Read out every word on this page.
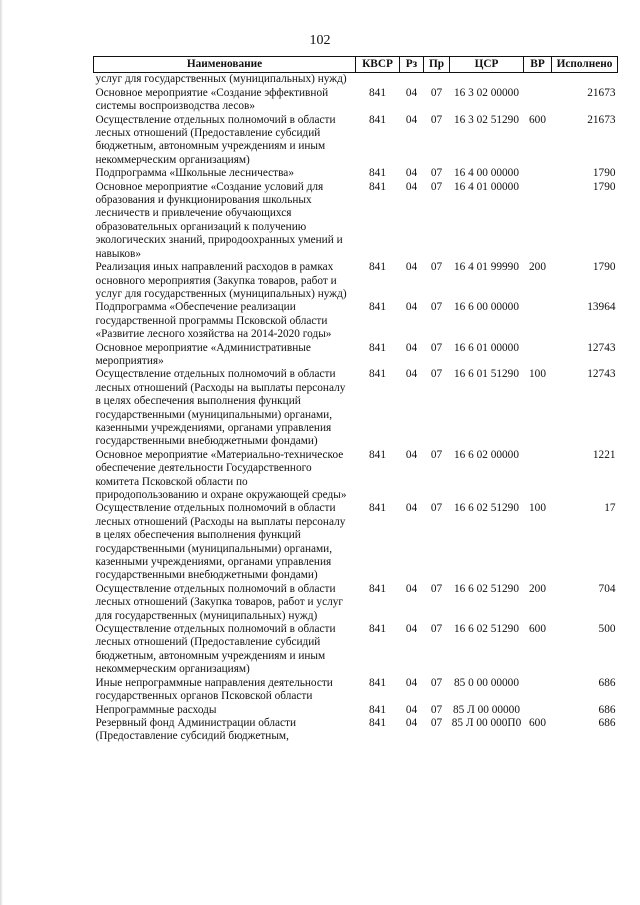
102
Наименование	КВСР	Рз	Пр	ЦСР	ВР	Исполнено
услуг для государственных (муниципальных) нужд)						
Основное мероприятие «Создание эффективной системы воспроизводства лесов»	841	04	07	16 3 02 00000		21673
Осуществление отдельных полномочий в области лесных отношений (Предоставление субсидий бюджетным, автономным учреждениям и иным некоммерческим организациям)	841	04	07	16 3 02 51290	600	21673
Подпрограмма «Школьные лесничества»	841	04	07	16 4 00 00000		1790
Основное мероприятие «Создание условий для образования и функционирования школьных лесничеств и привлечение обучающихся образовательных организаций к получению экологических знаний, природоохранных умений и навыков»	841	04	07	16 4 01 00000		1790
Реализация иных направлений расходов в рамках основного мероприятия (Закупка товаров, работ и услуг для государственных (муниципальных) нужд)	841	04	07	16 4 01 99990	200	1790
Подпрограмма «Обеспечение реализации государственной программы Псковской области «Развитие лесного хозяйства на 2014-2020 годы»	841	04	07	16 6 00 00000		13964
Основное мероприятие «Административные мероприятия»	841	04	07	16 6 01 00000		12743
Осуществление отдельных полномочий в области лесных отношений (Расходы на выплаты персоналу в целях обеспечения выполнения функций государственными (муниципальными) органами, казенными учреждениями, органами управления государственными внебюджетными фондами)	841	04	07	16 6 01 51290	100	12743
Основное мероприятие «Материально-техническое обеспечение деятельности Государственного комитета Псковской области по природопользованию и охране окружающей среды»	841	04	07	16 6 02 00000		1221
Осуществление отдельных полномочий в области лесных отношений (Расходы на выплаты персоналу в целях обеспечения выполнения функций государственными (муниципальными) органами, казенными учреждениями, органами управления государственными внебюджетными фондами)	841	04	07	16 6 02 51290	100	17
Осуществление отдельных полномочий в области лесных отношений (Закупка товаров, работ и услуг для государственных (муниципальных) нужд)	841	04	07	16 6 02 51290	200	704
Осуществление отдельных полномочий в области лесных отношений (Предоставление субсидий бюджетным, автономным учреждениям и иным некоммерческим организациям)	841	04	07	16 6 02 51290	600	500
Иные непрограммные направления деятельности государственных органов Псковской области	841	04	07	85 0 00 00000		686
Непрограммные расходы	841	04	07	85 Л 00 00000		686
Резервный фонд Администрации области (Предоставление субсидий бюджетным,	841	04	07	85 Л 00 000П0	600	686
